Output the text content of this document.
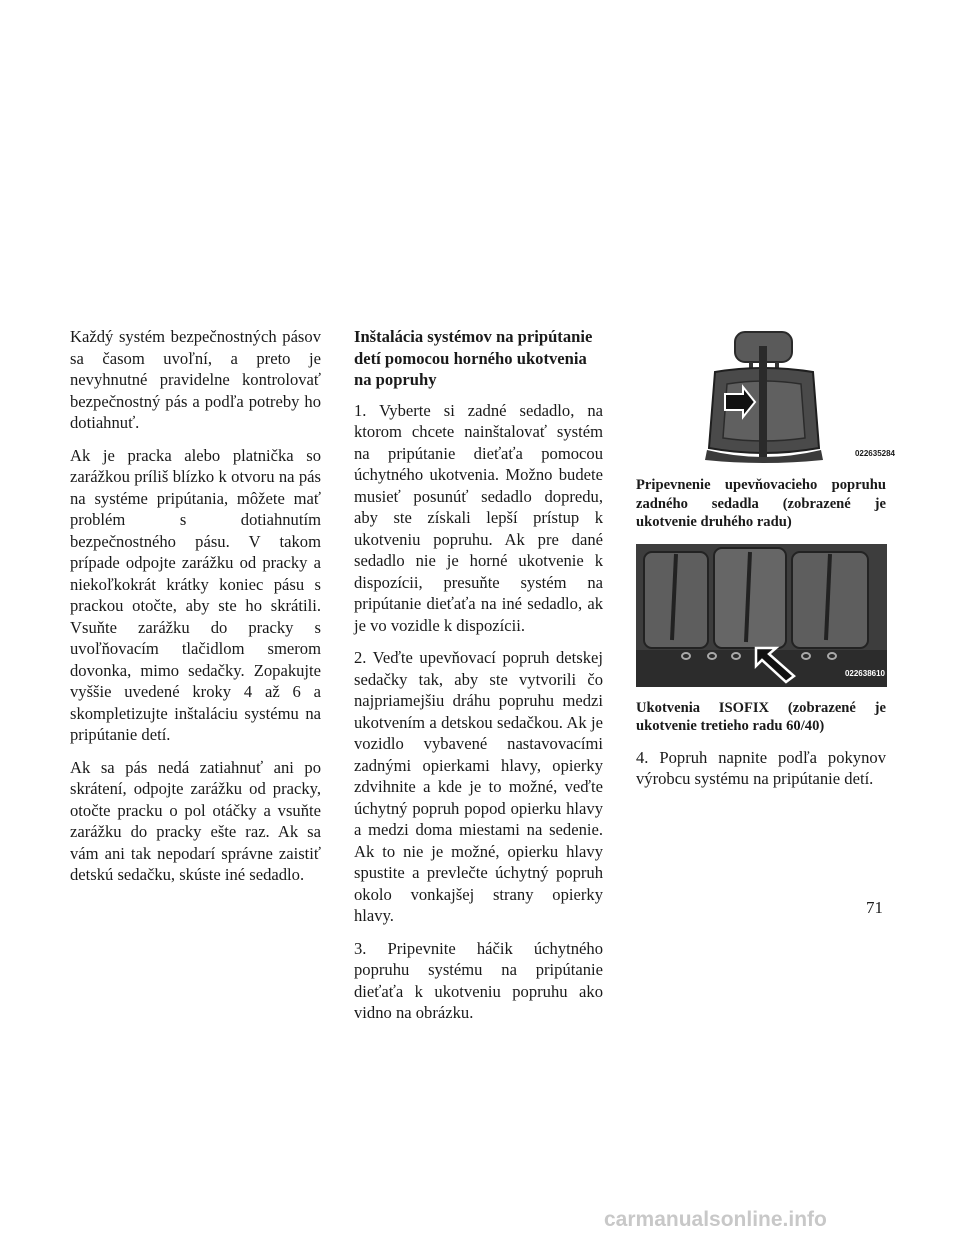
Každý systém bezpečnostných pásov sa časom uvoľní, a preto je nevyhnutné pravidelne kontrolovať bezpečnostný pás a podľa potreby ho dotiahnuť.

Ak je pracka alebo platnička so zarážkou príliš blízko k otvoru na pás na systéme pripútania, môžete mať problém s dotiahnutím bezpečnostného pásu. V takom prípade odpojte zarážku od pracky a niekoľkokrát krátky koniec pásu s prackou otočte, aby ste ho skrátili. Vsuňte zarážku do pracky s uvoľňovacím tlačidlom smerom dovonka, mimo sedačky. Zopakujte vyššie uvedené kroky 4 až 6 a skompletizujte inštaláciu systému na pripútanie detí.

Ak sa pás nedá zatiahnuť ani po skrátení, odpojte zarážku od pracky, otočte pracku o pol otáčky a vsuňte zarážku do pracky ešte raz. Ak sa vám ani tak nepodarí správne zaistiť detskú sedačku, skúste iné sedadlo.

Inštalácia systémov na pripútanie detí pomocou horného ukotvenia na popruhy

1. Vyberte si zadné sedadlo, na ktorom chcete nainštalovať systém na pripútanie dieťaťa pomocou úchytného ukotvenia. Možno budete musieť posunúť sedadlo dopredu, aby ste získali lepší prístup k ukotveniu popruhu. Ak pre dané sedadlo nie je horné ukotvenie k dispozícii, presuňte systém na pripútanie dieťaťa na iné sedadlo, ak je vo vozidle k dispozícii.

2. Veďte upevňovací popruh detskej sedačky tak, aby ste vytvorili čo najpriamejšiu dráhu popruhu medzi ukotvením a detskou sedačkou. Ak je vozidlo vybavené nastavovacími zadnými opierkami hlavy, opierky zdvihnite a kde je to možné, veďte úchytný popruh popod opierku hlavy a medzi doma miestami na sedenie. Ak to nie je možné, opierku hlavy spustite a prevlečte úchytný popruh okolo vonkajšej strany opierky hlavy.

3. Pripevnite háčik úchytného popruhu systému na pripútanie dieťaťa k ukotveniu popruhu ako vidno na obrázku.

022635284

Pripevnenie upevňovacieho popruhu zadného sedadla (zobrazené je ukotvenie druhého radu)

022638610

Ukotvenia ISOFIX (zobrazené je ukotvenie tretieho radu 60/40)

4. Popruh napnite podľa pokynov výrobcu systému na pripútanie detí.

71
carmanualsonline.info
